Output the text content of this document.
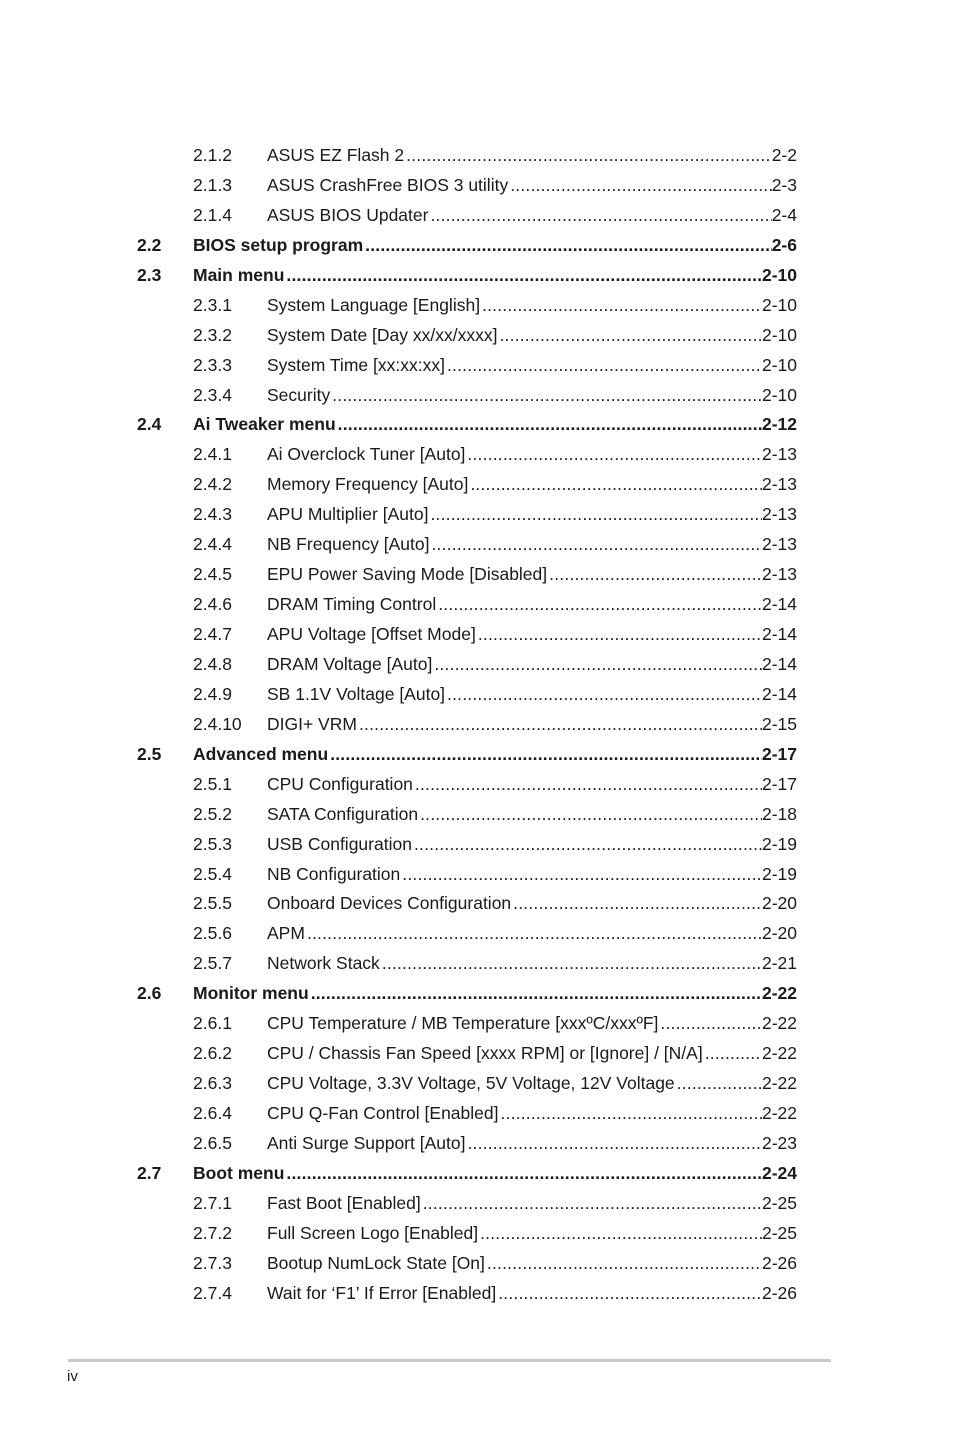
2.1.2 ASUS EZ Flash 2 .....	2-2
2.1.3 ASUS CrashFree BIOS 3 utility .....	2-3
2.1.4 ASUS BIOS Updater .....	2-4
2.2 BIOS setup program .....	2-6
2.3 Main menu .....	2-10
2.3.1 System Language [English] .....	2-10
2.3.2 System Date [Day xx/xx/xxxx] .....	2-10
2.3.3 System Time [xx:xx:xx] .....	2-10
2.3.4 Security .....	2-10
2.4 Ai Tweaker menu .....	2-12
2.4.1 Ai Overclock Tuner [Auto] .....	2-13
2.4.2 Memory Frequency [Auto] .....	2-13
2.4.3 APU Multiplier [Auto] .....	2-13
2.4.4 NB Frequency [Auto] .....	2-13
2.4.5 EPU Power Saving Mode [Disabled] .....	2-13
2.4.6 DRAM Timing Control .....	2-14
2.4.7 APU Voltage [Offset Mode] .....	2-14
2.4.8 DRAM Voltage [Auto] .....	2-14
2.4.9 SB 1.1V Voltage [Auto] .....	2-14
2.4.10 DIGI+ VRM .....	2-15
2.5 Advanced menu .....	2-17
2.5.1 CPU Configuration .....	2-17
2.5.2 SATA Configuration .....	2-18
2.5.3 USB Configuration .....	2-19
2.5.4 NB Configuration .....	2-19
2.5.5 Onboard Devices Configuration .....	2-20
2.5.6 APM .....	2-20
2.5.7 Network Stack .....	2-21
2.6 Monitor menu .....	2-22
2.6.1 CPU Temperature / MB Temperature [xxxºC/xxxºF] .....	2-22
2.6.2 CPU / Chassis Fan Speed [xxxx RPM] or [Ignore] / [N/A] .....	2-22
2.6.3 CPU Voltage, 3.3V Voltage, 5V Voltage, 12V Voltage .....	2-22
2.6.4 CPU Q-Fan Control [Enabled] .....	2-22
2.6.5 Anti Surge Support [Auto] .....	2-23
2.7 Boot menu .....	2-24
2.7.1 Fast Boot [Enabled] .....	2-25
2.7.2 Full Screen Logo [Enabled] .....	2-25
2.7.3 Bootup NumLock State [On] .....	2-26
2.7.4 Wait for ‘F1’ If Error [Enabled] .....	2-26
iv
